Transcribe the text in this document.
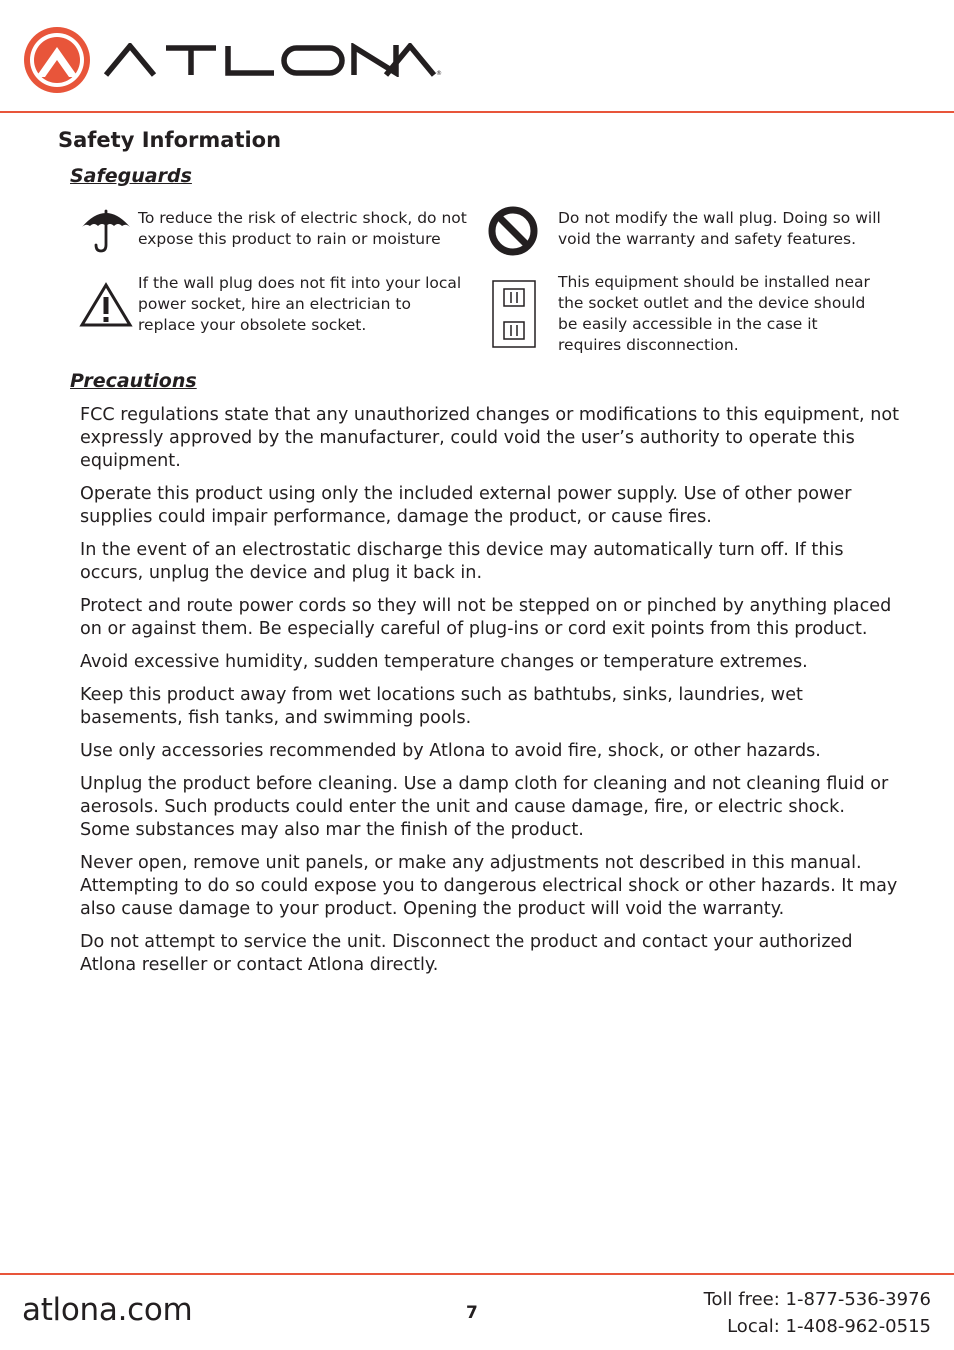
®
Safety Information
Safeguards

To reduce the risk of electric shock, do not expose this product to rain or moisture

Do not modify the wall plug. Doing so will void the warranty and safety features.

If the wall plug does not fit into your local power socket, hire an electrician to replace your obsolete socket.

This equipment should be installed near the socket outlet and the device should be easily accessible in the case it requires disconnection.

Precautions
FCC regulations state that any unauthorized changes or modifications to this equipment, not expressly approved by the manufacturer, could void the user’s authority to operate this equipment.
Operate this product using only the included external power supply. Use of other power supplies could impair performance, damage the product, or cause fires.
In the event of an electrostatic discharge this device may automatically turn off. If this occurs, unplug the device and plug it back in.
Protect and route power cords so they will not be stepped on or pinched by anything placed on or against them. Be especially careful of plug-ins or cord exit points from this product.
Avoid excessive humidity, sudden temperature changes or temperature extremes.
Keep this product away from wet locations such as bathtubs, sinks, laundries, wet basements, fish tanks, and swimming pools.
Use only accessories recommended by Atlona to avoid fire, shock, or other hazards.
Unplug the product before cleaning. Use a damp cloth for cleaning and not cleaning fluid or aerosols. Such products could enter the unit and cause damage, fire, or electric shock. Some substances may also mar the finish of the product.
Never open, remove unit panels, or make any adjustments not described in this manual. Attempting to do so could expose you to dangerous electrical shock or other hazards. It may also cause damage to your product. Opening the product will void the warranty.
Do not attempt to service the unit. Disconnect the product and contact your authorized Atlona reseller or contact Atlona directly.
atlona.com	7
Toll free: 1-877-536-3976
Local: 1-408-962-0515
